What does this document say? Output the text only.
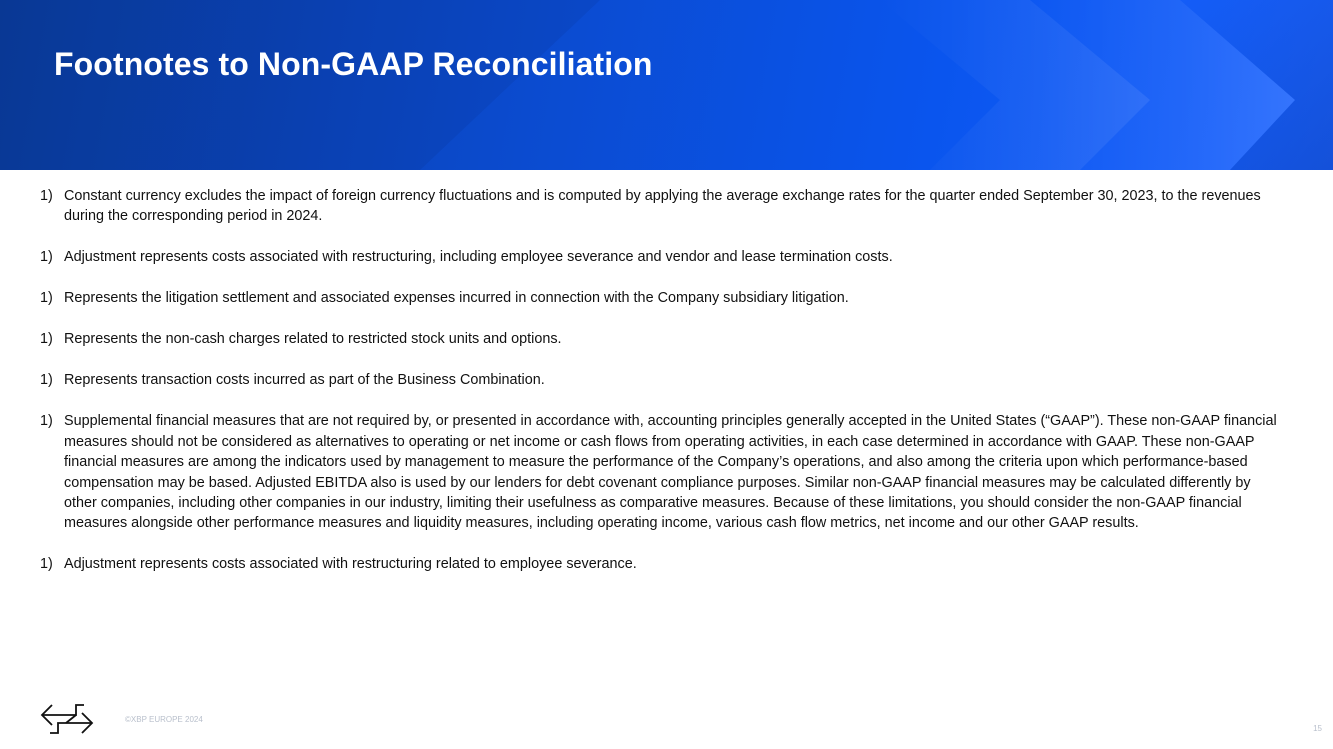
Footnotes to Non-GAAP Reconciliation
1) Constant currency excludes the impact of foreign currency fluctuations and is computed by applying the average exchange rates for the quarter ended September 30, 2023, to the revenues during the corresponding period in 2024.
1) Adjustment represents costs associated with restructuring, including employee severance and vendor and lease termination costs.
1) Represents the litigation settlement and associated expenses incurred in connection with the Company subsidiary litigation.
1) Represents the non-cash charges related to restricted stock units and options.
1) Represents transaction costs incurred as part of the Business Combination.
1) Supplemental financial measures that are not required by, or presented in accordance with, accounting principles generally accepted in the United States (“GAAP”). These non-GAAP financial measures should not be considered as alternatives to operating or net income or cash flows from operating activities, in each case determined in accordance with GAAP. These non-GAAP financial measures are among the indicators used by management to measure the performance of the Company’s operations, and also among the criteria upon which performance-based compensation may be based. Adjusted EBITDA also is used by our lenders for debt covenant compliance purposes. Similar non-GAAP financial measures may be calculated differently by other companies, including other companies in our industry, limiting their usefulness as comparative measures. Because of these limitations, you should consider the non-GAAP financial measures alongside other performance measures and liquidity measures, including operating income, various cash flow metrics, net income and our other GAAP results.
1) Adjustment represents costs associated with restructuring related to employee severance.
©XBP EUROPE 2024
15
